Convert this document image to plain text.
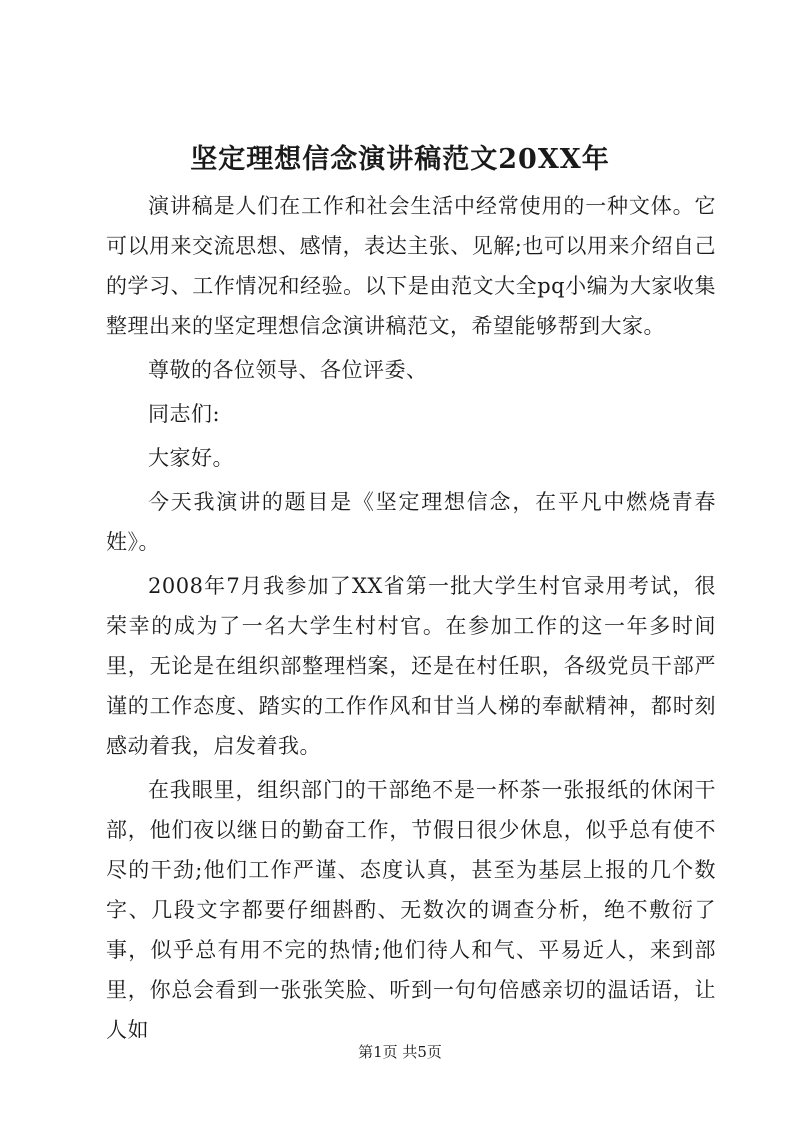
坚定理想信念演讲稿范文20XX年

演讲稿是人们在工作和社会生活中经常使用的一种文体。它可以用来交流思想、感情，表达主张、见解;也可以用来介绍自己的学习、工作情况和经验。以下是由范文大全pq小编为大家收集整理出来的坚定理想信念演讲稿范文，希望能够帮到大家。

尊敬的各位领导、各位评委、

同志们:

大家好。

今天我演讲的题目是《坚定理想信念，在平凡中燃烧青春姓》。

2008年7月我参加了XX省第一批大学生村官录用考试，很荣幸的成为了一名大学生村村官。在参加工作的这一年多时间里，无论是在组织部整理档案，还是在村任职，各级党员干部严谨的工作态度、踏实的工作作风和甘当人梯的奉献精神，都时刻感动着我，启发着我。

在我眼里，组织部门的干部绝不是一杯茶一张报纸的休闲干部，他们夜以继日的勤奋工作，节假日很少休息，似乎总有使不尽的干劲;他们工作严谨、态度认真，甚至为基层上报的几个数字、几段文字都要仔细斟酌、无数次的调查分析，绝不敷衍了事，似乎总有用不完的热情;他们待人和气、平易近人，来到部里，你总会看到一张张笑脸、听到一句句倍感亲切的温话语，让人如

第1页 共5页
